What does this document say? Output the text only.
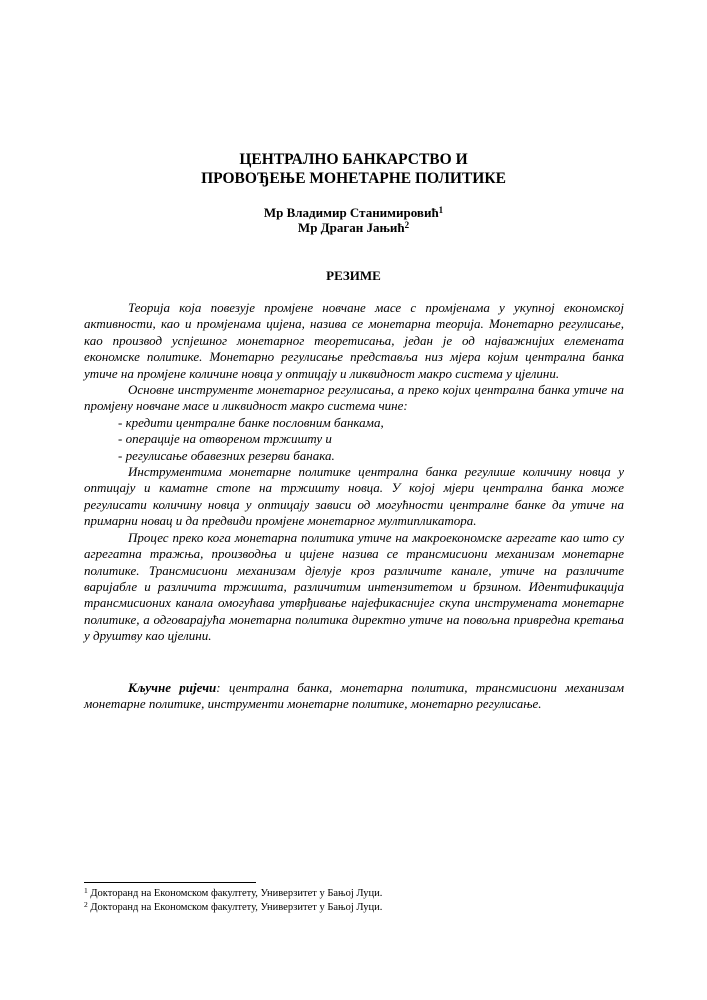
ЦЕНТРАЛНО БАНКАРСТВО И
ПРОВОЂЕЊЕ МОНЕТАРНЕ ПОЛИТИКЕ
Мр Владимир Станимировић$^1$
Мр Драган Јањић$^2$
РЕЗИМЕ

Теорија која повезује промјене новчане масе с промјенама у укупној економској активности, као и промјенама цијена, назива се монетарна теорија. Монетарно регулисање, као производ успјешног монетарног теоретисања, један је од најважнијих елемената економске политике. Монетарно регулисање представља низ мјера којим централна банка утиче на промјене количине новца у оптицају и ликвидност макро система у цјелини.

Основне инструменте монетарног регулисања, а преко којих централна банка утиче на промјену новчане масе и ликвидност макро система чине:

- кредити централне банке пословним банкама,
- операције на отвореном тржишту и
- регулисање обавезних резерви банака.

Инструментима монетарне политике централна банка регулише количину новца у оптицају и каматне стопе на тржишту новца. У којој мјери централна банка може регулисати количину новца у оптицају зависи од могућности централне банке да утиче на примарни новац и да предвиди промјене монетарног мултипликатора.

Процес преко кога монетарна политика утиче на макроекономске агрегате као што су агрегатна тражња, производња и цијене назива се трансмисиони механизам монетарне политике. Трансмисиони механизам дјелује кроз различите канале, утиче на различите варијабле и различита тржишта, различитим интензитетом и брзином. Идентификација трансмисионих канала омогућава утврђивање најефикаснијег скупа инструмената монетарне политике, а одговарајућа монетарна политика директно утиче на повољна привредна кретања у друштву као цјелини.

Кључне ријечи: централна банка, монетарна политика, трансмисиони механизам монетарне политике, инструменти монетарне политике, монетарно регулисање.

$^1$ Докторанд на Економском факултету, Универзитет у Бањој Луци.
$^2$ Докторанд на Економском факултету, Универзитет у Бањој Луци.
